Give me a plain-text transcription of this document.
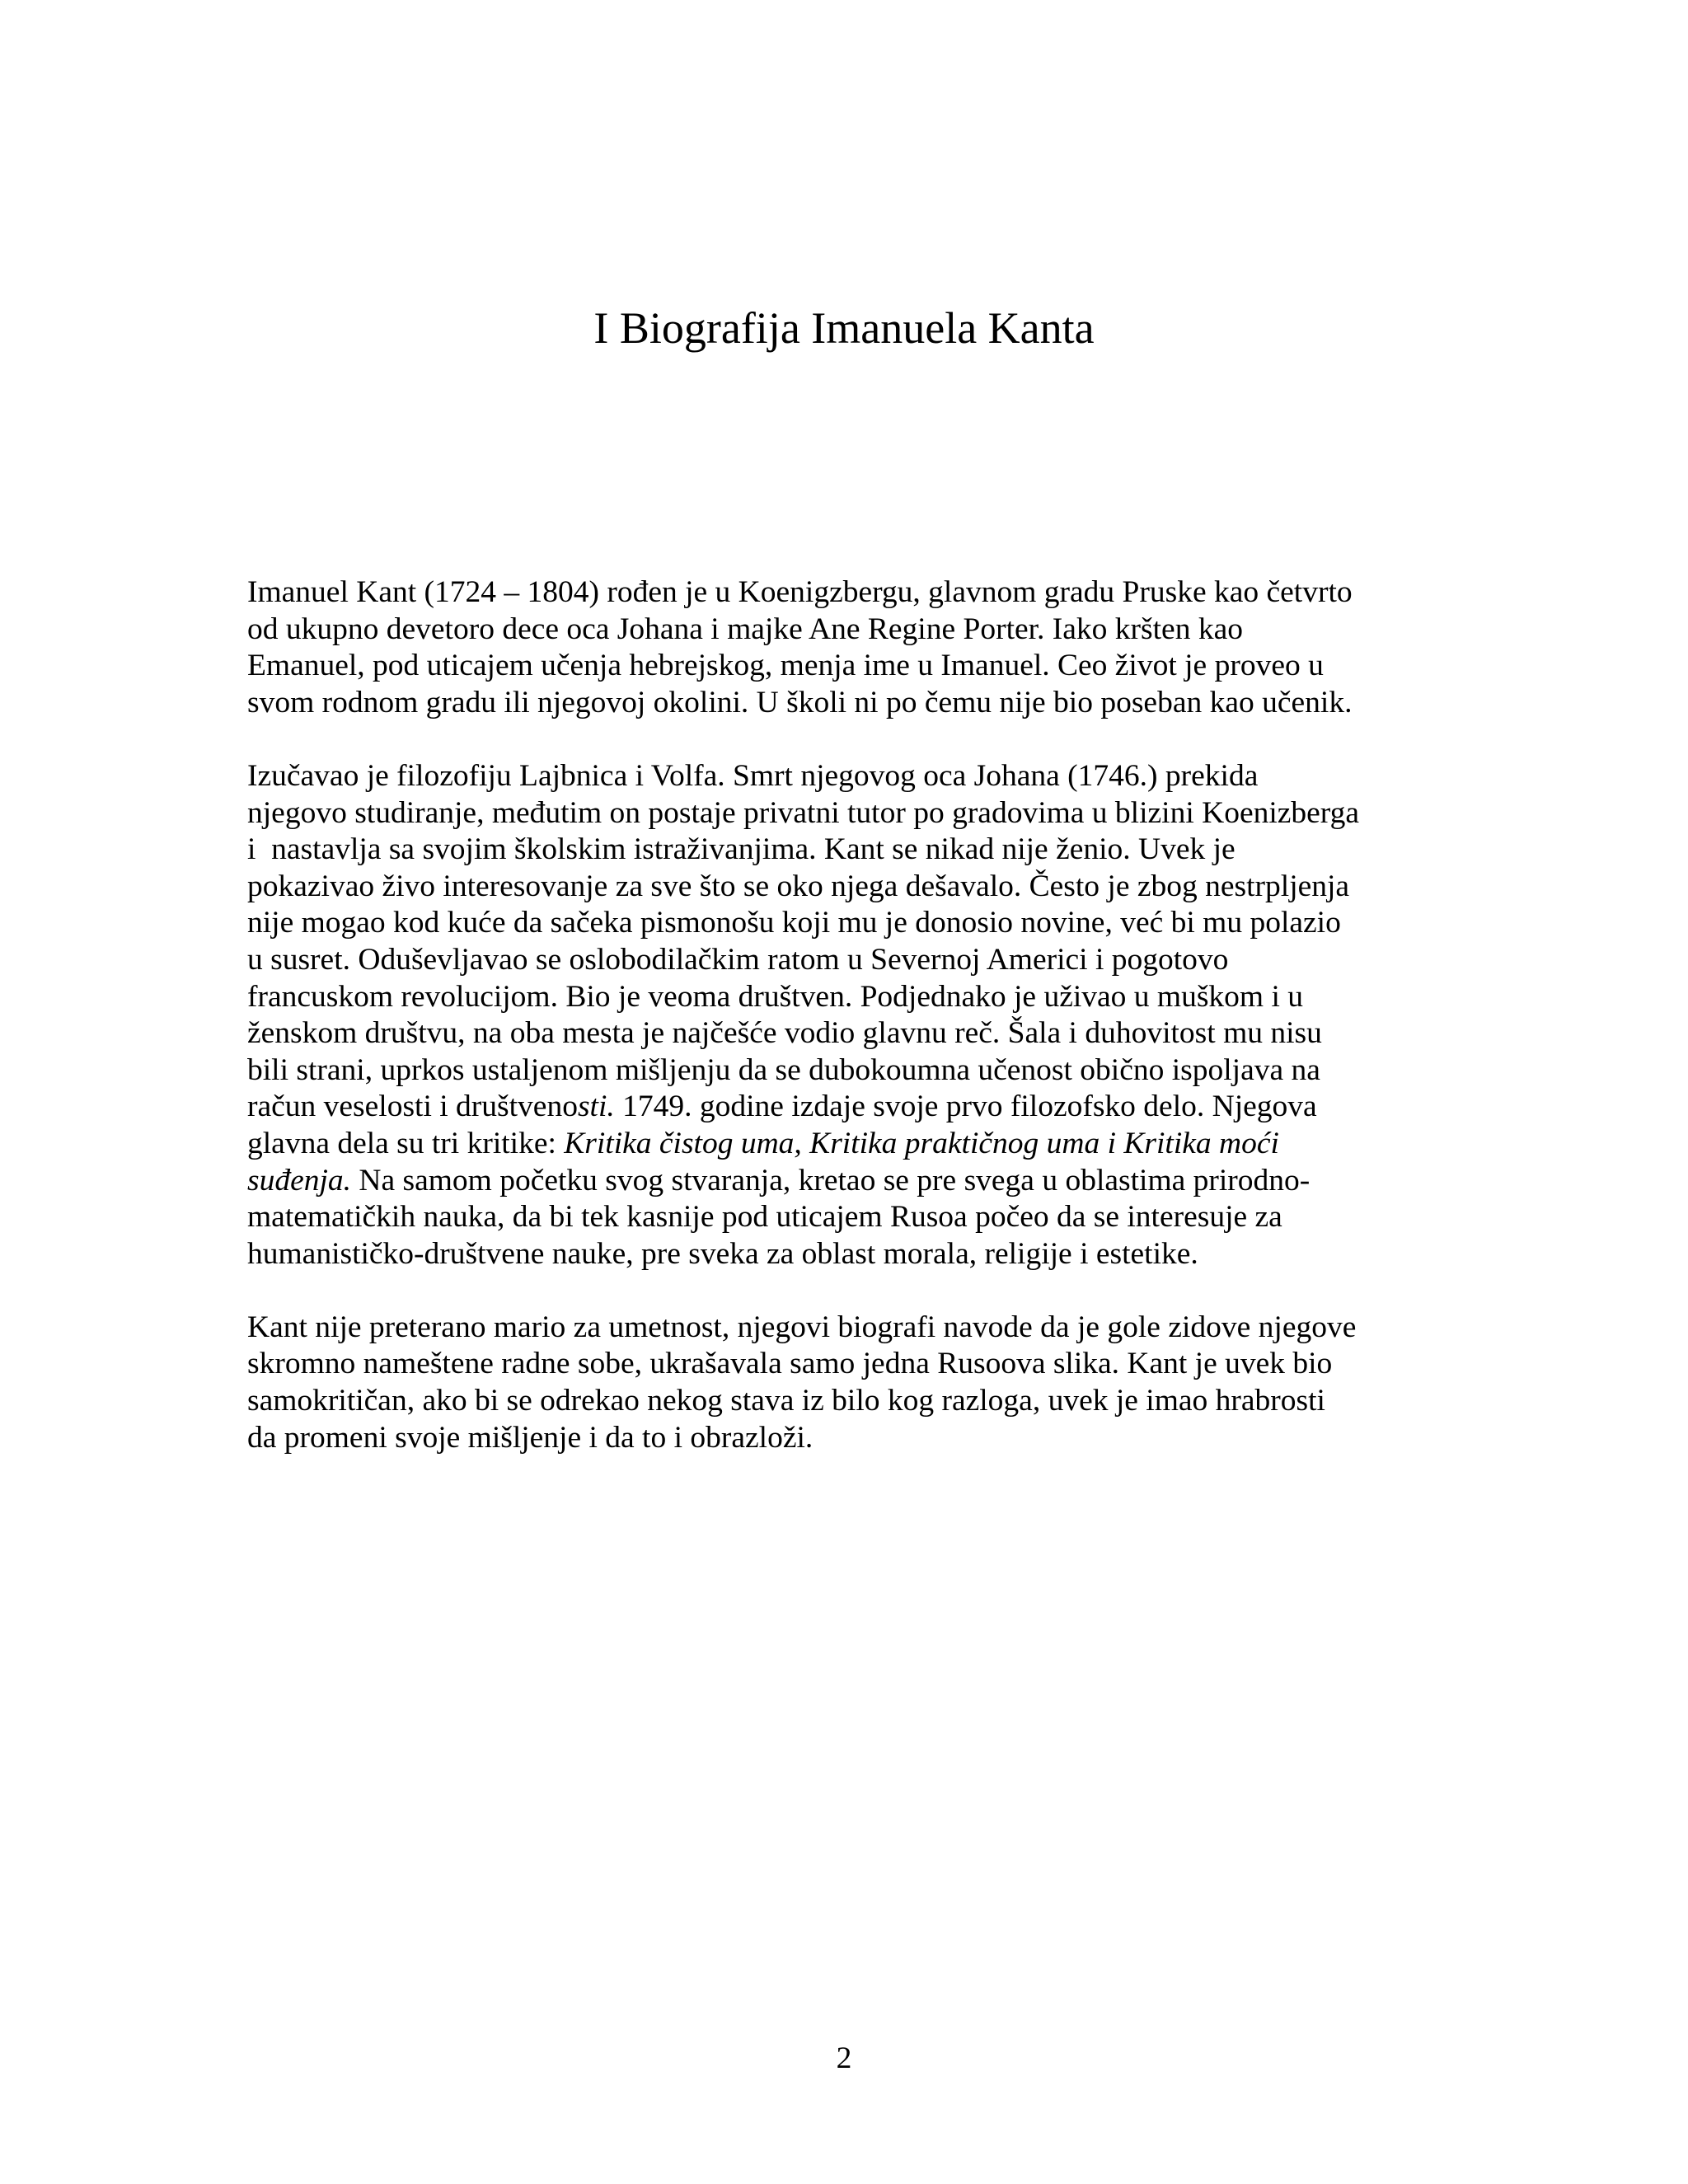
I Biografija Imanuela Kanta
Imanuel Kant (1724 – 1804) rođen je u Koenigzbergu, glavnom gradu Pruske kao četvrto
od ukupno devetoro dece oca Johana i majke Ane Regine Porter. Iako kršten kao
Emanuel, pod uticajem učenja hebrejskog, menja ime u Imanuel. Ceo život je proveo u
svom rodnom gradu ili njegovoj okolini. U školi ni po čemu nije bio poseban kao učenik.
Izučavao je filozofiju Lajbnica i Volfa. Smrt njegovog oca Johana (1746.) prekida
njegovo studiranje, međutim on postaje privatni tutor po gradovima u blizini Koenizberga
i  nastavlja sa svojim školskim istraživanjima. Kant se nikad nije ženio. Uvek je
pokazivao živo interesovanje za sve što se oko njega dešavalo. Često je zbog nestrpljenja
nije mogao kod kuće da sačeka pismonošu koji mu je donosio novine, već bi mu polazio
u susret. Oduševljavao se oslobodilačkim ratom u Severnoj Americi i pogotovo
francuskom revolucijom. Bio je veoma društven. Podjednako je uživao u muškom i u
ženskom društvu, na oba mesta je najčešće vodio glavnu reč. Šala i duhovitost mu nisu
bili strani, uprkos ustaljenom mišljenju da se dubokoumna učenost obično ispoljava na
račun veselosti i društvenosti. 1749. godine izdaje svoje prvo filozofsko delo. Njegova
glavna dela su tri kritike: Kritika čistog uma, Kritika praktičnog uma i Kritika moći
suđenja. Na samom početku svog stvaranja, kretao se pre svega u oblastima prirodno-
matematičkih nauka, da bi tek kasnije pod uticajem Rusoa počeo da se interesuje za
humanističko-društvene nauke, pre sveka za oblast morala, religije i estetike.
Kant nije preterano mario za umetnost, njegovi biografi navode da je gole zidove njegove
skromno nameštene radne sobe, ukrašavala samo jedna Rusoova slika. Kant je uvek bio
samokritičan, ako bi se odrekao nekog stava iz bilo kog razloga, uvek je imao hrabrosti
da promeni svoje mišljenje i da to i obrazloži.
2
